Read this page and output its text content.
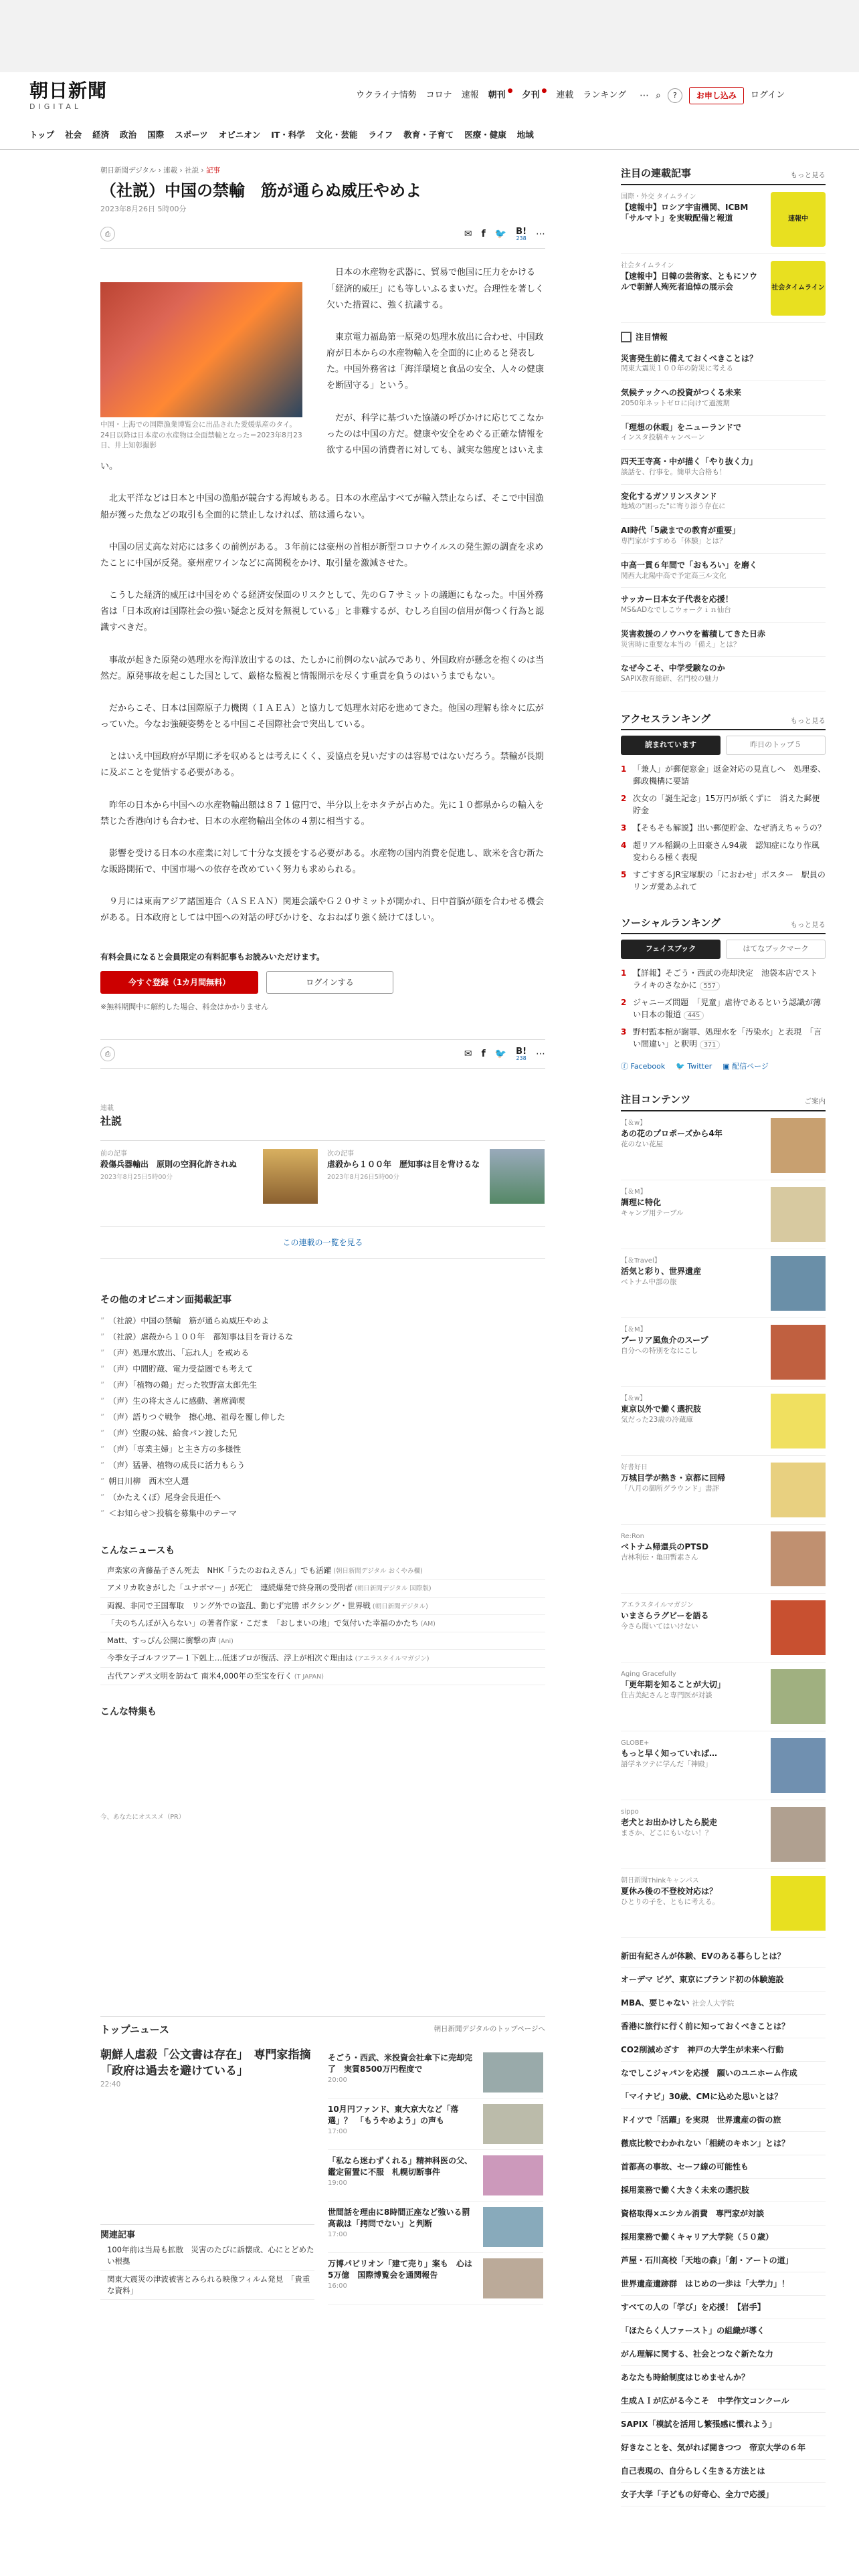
朝日新聞
DIGITAL
ウクライナ情勢 コロナ 速報 朝刊 ● 夕刊 ● 連載 ランキング ⋯ ⌕	?	お申し込み	ログイン
トップ	社会	経済	政治	国際	スポーツ	オピニオン	IT・科学	文化・芸能	ライフ	教育・子育て	医療・健康	地域
朝日新聞デジタル › 連載 › 社説 › 記事
（社説）中国の禁輸　筋が通らぬ威圧やめよ
2023年8月26日 5時00分
⎙	✉ f 🐦 B!
238 ⋯
中国・上海での国際漁業博覧会に出品された愛媛県産のタイ。24日以降は日本産の水産物は全面禁輸となった＝2023年8月23日、井上知彰撮影

日本の水産物を武器に、貿易で他国に圧力をかける「経済的威圧」にも等しいふるまいだ。合理性を著しく欠いた措置に、強く抗議する。

東京電力福島第一原発の処理水放出に合わせ、中国政府が日本からの水産物輸入を全面的に止めると発表した。中国外務省は「海洋環境と食品の安全、人々の健康を断固守る」という。

だが、科学に基づいた協議の呼びかけに応じてこなかったのは中国の方だ。健康や安全をめぐる正確な情報を欲する中国の消費者に対しても、誠実な態度とはいえまい。

北太平洋などは日本と中国の漁船が競合する海域もある。日本の水産品すべてが輸入禁止ならば、そこで中国漁船が獲った魚などの取引も全面的に禁止しなければ、筋は通らない。

中国の居丈高な対応には多くの前例がある。３年前には豪州の首相が新型コロナウイルスの発生源の調査を求めたことに中国が反発。豪州産ワインなどに高関税をかけ、取引量を激減させた。

こうした経済的威圧は中国をめぐる経済安保面のリスクとして、先のＧ７サミットの議題にもなった。中国外務省は「日本政府は国際社会の強い疑念と反対を無視している」と非難するが、むしろ自国の信用が傷つく行為と認識すべきだ。

事故が起きた原発の処理水を海洋放出するのは、たしかに前例のない試みであり、外国政府が懸念を抱くのは当然だ。原発事故を起こした国として、厳格な監視と情報開示を尽くす重責を負うのはいうまでもない。

だからこそ、日本は国際原子力機関（ＩＡＥＡ）と協力して処理水対応を進めてきた。他国の理解も徐々に広がっていた。今なお強硬姿勢をとる中国こそ国際社会で突出している。

とはいえ中国政府が早期に矛を収めるとは考えにくく、妥協点を見いだすのは容易ではないだろう。禁輸が長期に及ぶことを覚悟する必要がある。

昨年の日本から中国への水産物輸出額は８７１億円で、半分以上をホタテが占めた。先に１０都県からの輸入を禁じた香港向けも合わせ、日本の水産物輸出全体の４割に相当する。

影響を受ける日本の水産業に対して十分な支援をする必要がある。水産物の国内消費を促進し、欧米を含む新たな販路開拓で、中国市場への依存を改めていく努力も求められる。

９月には東南アジア諸国連合（ＡＳＥＡＮ）関連会議やＧ２０サミットが開かれ、日中首脳が顔を合わせる機会がある。日本政府としては中国への対話の呼びかけを、なおねばり強く続けてほしい。

有料会員になると会員限定の有料記事もお読みいただけます。
今すぐ登録（1カ月間無料）	ログインする
※無料期間中に解約した場合、料金はかかりません
⎙	✉ f 🐦 B!
238 ⋯
連載
社説
前の記事
殺傷兵器輸出　原則の空洞化許されぬ
2023年8月25日5時00分
次の記事
虐殺から１００年　歴知事は目を背けるな
2023年8月26日5時00分
この連載の一覧を見る
その他のオピニオン面掲載記事
” （社説）中国の禁輸　筋が通らぬ威圧やめよ
” （社説）虐殺から１００年　都知事は目を背けるな
” （声）処理水放出、「忘れ人」を戒める
” （声）中間貯蔵、電力受益圏でも考えて
” （声）「植物の鵜」だった牧野富太郎先生
” （声）生の将太さんに感動、著席満喫
” （声）語りつぐ戦争　擦心地、祖母を覆し伸した
” （声）空腹の妹、給食パン渡した兄
” （声）「専業主婦」と主さ方の多様性
” （声）猛暑、植物の成長に活力もらう
” 朝日川柳　西木空人選
” （かたえくぼ）尾身会長退任へ
” ＜お知らせ＞投稿を募集中のテーマ
こんなニュースも
声楽家の斉藤晶子さん死去　NHK「うたのおねえさん」でも活躍 (朝日新聞デジタル おくやみ欄)
アメリカ吹きがした「ユナボマー」が死亡　連続爆発で終身刑の受刑者 (朝日新聞デジタル 国際版)
両親、非同で王国奪取　リング外での盗乱、動じず完勝 ボクシング・世界戦 (朝日新聞デジタル)
「夫のちんぽが入らない」の著者作家・こだま　「おしまいの地」で気付いた幸福のかたち (AM)
Matt、すっぴん公開に衝撃の声 (Ani)
今季女子ゴルフツアー１下剋上…低迷プロが復活、浮上が相次ぐ理由は (アエラスタイルマガジン)
古代アンデス文明を訪ねて 南米4,000年の至宝を行く (T JAPAN)
こんな特集も
今、あなたにオススメ（PR）
トップニュース	朝日新聞デジタルのトップページへ
朝鮮人虐殺「公文書は存在」　専門家指摘「政府は過去を避けている」
22:40
関連記事
100年前は当局も拡散　災害のたびに訴懐成、心にとどめたい根拠
関東大震災の津波被害とみられる映像フィルム発見　「貴重な資料」
そごう・西武、米投資会社傘下に売却完了　実質8500万円程度で
20:00
10月円ファンド、東大京大など「落選」？　「もうやめよう」の声も
17:00
「私なら迷わずくれる」精神科医の父、鑑定留置に不服　札幌切断事件
19:00
世間話を理由に8時間正座など強いる罰　高裁は「拷問でない」と判断
17:00
万博パビリオン「建て売り」案も　心は5万億　国際博覧会を通関報告
16:00
注目の連載記事	もっと見る
国際・外交 タイムライン
【速報中】ロシア宇宙機関、ICBM「サルマト」を実戦配備と報道	速報中
社会タイムライン
【速報中】日韓の芸術家、ともにソウルで朝鮮人殉死者追悼の展示会	社会タイムライン
注目情報
災害発生前に備えておくべきことは？
関東大震災１００年の防災に考える
気候テックへの投資がつくる未来
2050年ネットゼロに向けて過渡期
「理想の休暇」をニューランドで
インスタ投稿キャンペーン
四天王寺高・中が描く「やり抜く力」
談話を、行事を。簡単大合格も！
変化するガソリンスタンド
地域の"困った"に寄り添う存在に
AI時代「5歳までの教育が重要」
専門家がすすめる「体験」とは？
中高一貫６年間で「おもろい」を磨く
関西大北陽中高で予定高三ル文化
サッカー日本女子代表を応援！
MS&ADなでしこウォークｉｎ仙台
災害救援のノウハウを蓄積してきた日赤
災害時に重要な本当の「備え」とは？
なぜ今こそ、中学受験なのか
SAPIX教育総研、名門校の魅力
アクセスランキング	もっと見る
読まれています	昨日のトップ５
1 「兼人」が郵便窓金」返金対応の見直しへ　処理委、郵政機構に要請
2 次女の「誕生記念」15万円が紙くずに　消えた郵便貯金
3 【そもそも解説】出い郵便貯金、なぜ消えちゃうの？
4 超リアル稲鍋の上田豪さん94歳　認知症になり作風変わらる極く表現
5 すごすぎるJR宝塚駅の「におわせ」ポスター　駅員のリンガ愛あふれて
ソーシャルランキング	もっと見る
フェイスブック	はてなブックマーク
1 【詳報】そごう・西武の売却決定　池袋本店でストライキのさなかに 557
2 ジャニーズ問題　「児童」虐待であるという認識が薄い日本の報道 445
3 野村監本棺が謝罪、処理水を「汚染水」と表現　「言い間違い」と釈明 371
ⓕ Facebook 🐦 Twitter ▣ 配信ページ
注目コンテンツ	ご案内
【＆w】
あの花のプロポーズから4年
花のない花屋
【＆M】
調理に特化
キャンプ用テーブル
【＆Travel】
活気と彩り、世界遺産
ベトナム中部の旅
【＆M】
ブーリア風魚介のスープ
自分への特別をなにこし
【＆w】
東京以外で働く選択肢
気だった23歳の冷蔵庫
好書好日
万城目学が熱き・京都に回帰
「八月の御所グラウンド」書評
Re:Ron
ベトナム帰還兵のPTSD
吉林利伝・亀田暫素さん
アエラスタイルマガジン
いまさらラグビーを語る
今さら聞いてはいけない
Aging Gracefully
「更年期を知ることが大切」
住吉美紀さんと専門医が対談
GLOBE+
もっと早く知っていれば…
語学ネツテに学んだ「神殿」
sippo
老犬とお出かけしたら脱走
まさか、どこにもいない！？
朝日新聞Thinkキャンパス
夏休み後の不登校対応は？
ひとりの子を、ともに考える。
新田有紀さんが体験、EVのある暮らしとは？
オーデマ ピゲ、東京にブランド初の体験施設
MBA、要じゃない 社会人大学院
香港に旅行に行く前に知っておくべきことは？
CO2削減めざす　神戸の大学生が未来へ行動
なでしこジャパンを応援　願いのユニホーム作成
「マイナビ」30歳、CMに込めた思いとは？
ドイツで「活躍」を実現　世界遺産の街の旅
徹底比較でわかれない「相続のキホン」とは？
首都高の事故、セーフ線の可能性も
採用業務で働く大きく未来の選択肢
資格取得×エシカル消費　専門家が対談
採用業務で働くキャリア大学院（５０歳）
芦屋・石川高校「天地の森」「創・アートの道」
世界遺産遺跡群　はじめの一歩は「大学力」！
すべての人の「学び」を応援！【岩手】
「ほたらく人ファースト」の組織が導く
がん理解に関する、社会とつなぐ新たな力
あなたも時給制度はじめませんか？
生成ＡＩが広がる今こそ　中学作文コンクール
SAPIX「模試を活用し繁張感に慣れよう」
好きなことを、気がれば開きつつ　帝京大学の６年
自己表現の、自分らしく生きる方法とは
女子大学「子どもの好奇心、全力で応援」
